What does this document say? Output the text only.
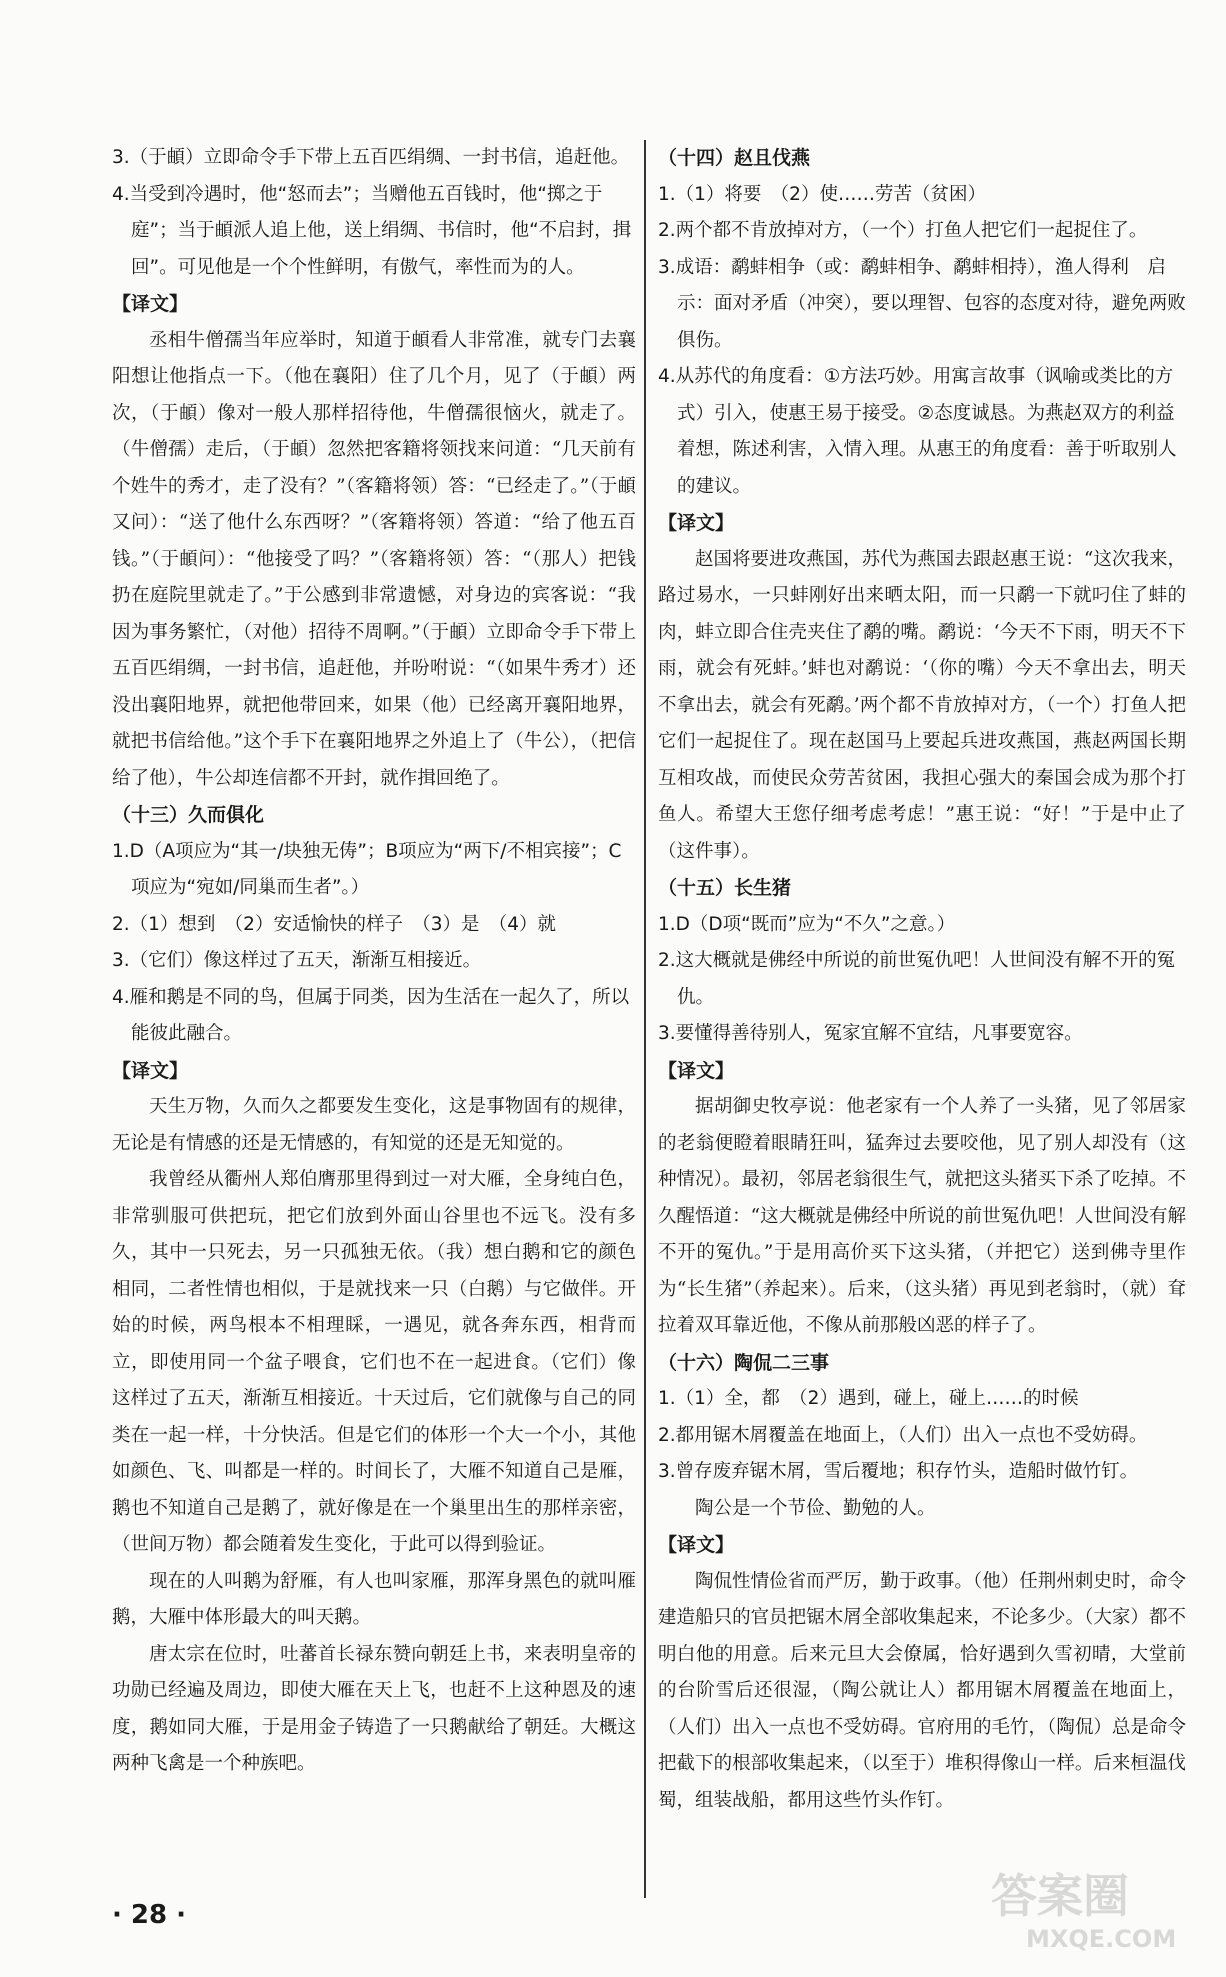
3.（于頔）立即命令手下带上五百匹绢绸、一封书信，追赶他。

4.当受到冷遇时，他“怒而去”；当赠他五百钱时，他“掷之于庭”；当于頔派人追上他，送上绢绸、书信时，他“不启封，揖回”。可见他是一个个性鲜明，有傲气，率性而为的人。

【译文】

丞相牛僧孺当年应举时，知道于頔看人非常准，就专门去襄阳想让他指点一下。（他在襄阳）住了几个月，见了（于頔）两次，（于頔）像对一般人那样招待他，牛僧孺很恼火，就走了。（牛僧孺）走后，（于頔）忽然把客籍将领找来问道：“几天前有个姓牛的秀才，走了没有？”（客籍将领）答：“已经走了。”（于頔又问）：“送了他什么东西呀？”（客籍将领）答道：“给了他五百钱。”（于頔问）：“他接受了吗？”（客籍将领）答：“（那人）把钱扔在庭院里就走了。”于公感到非常遗憾，对身边的宾客说：“我因为事务繁忙，（对他）招待不周啊。”（于頔）立即命令手下带上五百匹绢绸，一封书信，追赶他，并吩咐说：“（如果牛秀才）还没出襄阳地界，就把他带回来，如果（他）已经离开襄阳地界，就把书信给他。”这个手下在襄阳地界之外追上了（牛公），（把信给了他），牛公却连信都不开封，就作揖回绝了。

（十三）久而俱化

1.D（A项应为“其一/块独无俦”；B项应为“两下/不相宾接”；C项应为“宛如/同巢而生者”。）

2.（1）想到　（2）安适愉快的样子　（3）是　（4）就

3.（它们）像这样过了五天，渐渐互相接近。

4.雁和鹅是不同的鸟，但属于同类，因为生活在一起久了，所以能彼此融合。

【译文】

天生万物，久而久之都要发生变化，这是事物固有的规律，无论是有情感的还是无情感的，有知觉的还是无知觉的。

我曾经从衢州人郑伯膺那里得到过一对大雁，全身纯白色，非常驯服可供把玩，把它们放到外面山谷里也不远飞。没有多久，其中一只死去，另一只孤独无依。（我）想白鹅和它的颜色相同，二者性情也相似，于是就找来一只（白鹅）与它做伴。开始的时候，两鸟根本不相理睬，一遇见，就各奔东西，相背而立，即使用同一个盆子喂食，它们也不在一起进食。（它们）像这样过了五天，渐渐互相接近。十天过后，它们就像与自己的同类在一起一样，十分快活。但是它们的体形一个大一个小，其他如颜色、飞、叫都是一样的。时间长了，大雁不知道自己是雁，鹅也不知道自己是鹅了，就好像是在一个巢里出生的那样亲密，（世间万物）都会随着发生变化，于此可以得到验证。

现在的人叫鹅为舒雁，有人也叫家雁，那浑身黑色的就叫雁鹅，大雁中体形最大的叫天鹅。

唐太宗在位时，吐蕃首长禄东赞向朝廷上书，来表明皇帝的功勋已经遍及周边，即使大雁在天上飞，也赶不上这种恩及的速度，鹅如同大雁，于是用金子铸造了一只鹅献给了朝廷。大概这两种飞禽是一个种族吧。

（十四）赵且伐燕

1.（1）将要　（2）使……劳苦（贫困）

2.两个都不肯放掉对方，（一个）打鱼人把它们一起捉住了。

3.成语：鹬蚌相争（或：鹬蚌相争、鹬蚌相持），渔人得利　启示：面对矛盾（冲突），要以理智、包容的态度对待，避免两败俱伤。

4.从苏代的角度看：①方法巧妙。用寓言故事（讽喻或类比的方式）引入，使惠王易于接受。②态度诚恳。为燕赵双方的利益着想，陈述利害，入情入理。从惠王的角度看：善于听取别人的建议。

【译文】

赵国将要进攻燕国，苏代为燕国去跟赵惠王说：“这次我来，路过易水，一只蚌刚好出来晒太阳，而一只鹬一下就叼住了蚌的肉，蚌立即合住壳夹住了鹬的嘴。鹬说：‘今天不下雨，明天不下雨，就会有死蚌。’蚌也对鹬说：‘（你的嘴）今天不拿出去，明天不拿出去，就会有死鹬。’两个都不肯放掉对方，（一个）打鱼人把它们一起捉住了。现在赵国马上要起兵进攻燕国，燕赵两国长期互相攻战，而使民众劳苦贫困，我担心强大的秦国会成为那个打鱼人。希望大王您仔细考虑考虑！”惠王说：“好！”于是中止了（这件事）。

（十五）长生猪

1.D（D项“既而”应为“不久”之意。）

2.这大概就是佛经中所说的前世冤仇吧！人世间没有解不开的冤仇。

3.要懂得善待别人，冤家宜解不宜结，凡事要宽容。

【译文】

据胡御史牧亭说：他老家有一个人养了一头猪，见了邻居家的老翁便瞪着眼睛狂叫，猛奔过去要咬他，见了别人却没有（这种情况）。最初，邻居老翁很生气，就把这头猪买下杀了吃掉。不久醒悟道：“这大概就是佛经中所说的前世冤仇吧！人世间没有解不开的冤仇。”于是用高价买下这头猪，（并把它）送到佛寺里作为“长生猪”（养起来）。后来，（这头猪）再见到老翁时，（就）耷拉着双耳靠近他，不像从前那般凶恶的样子了。

（十六）陶侃二三事

1.（1）全，都　（2）遇到，碰上，碰上……的时候

2.都用锯木屑覆盖在地面上，（人们）出入一点也不受妨碍。

3.曾存废弃锯木屑，雪后覆地；积存竹头，造船时做竹钉。

陶公是一个节俭、勤勉的人。

【译文】

陶侃性情俭省而严厉，勤于政事。（他）任荆州刺史时，命令建造船只的官员把锯木屑全部收集起来，不论多少。（大家）都不明白他的用意。后来元旦大会僚属，恰好遇到久雪初晴，大堂前的台阶雪后还很湿，（陶公就让人）都用锯木屑覆盖在地面上，（人们）出入一点也不受妨碍。官府用的毛竹，（陶侃）总是命令把截下的根部收集起来，（以至于）堆积得像山一样。后来桓温伐蜀，组装战船，都用这些竹头作钉。

· 28 ·	答案圈
MXQE.COM
